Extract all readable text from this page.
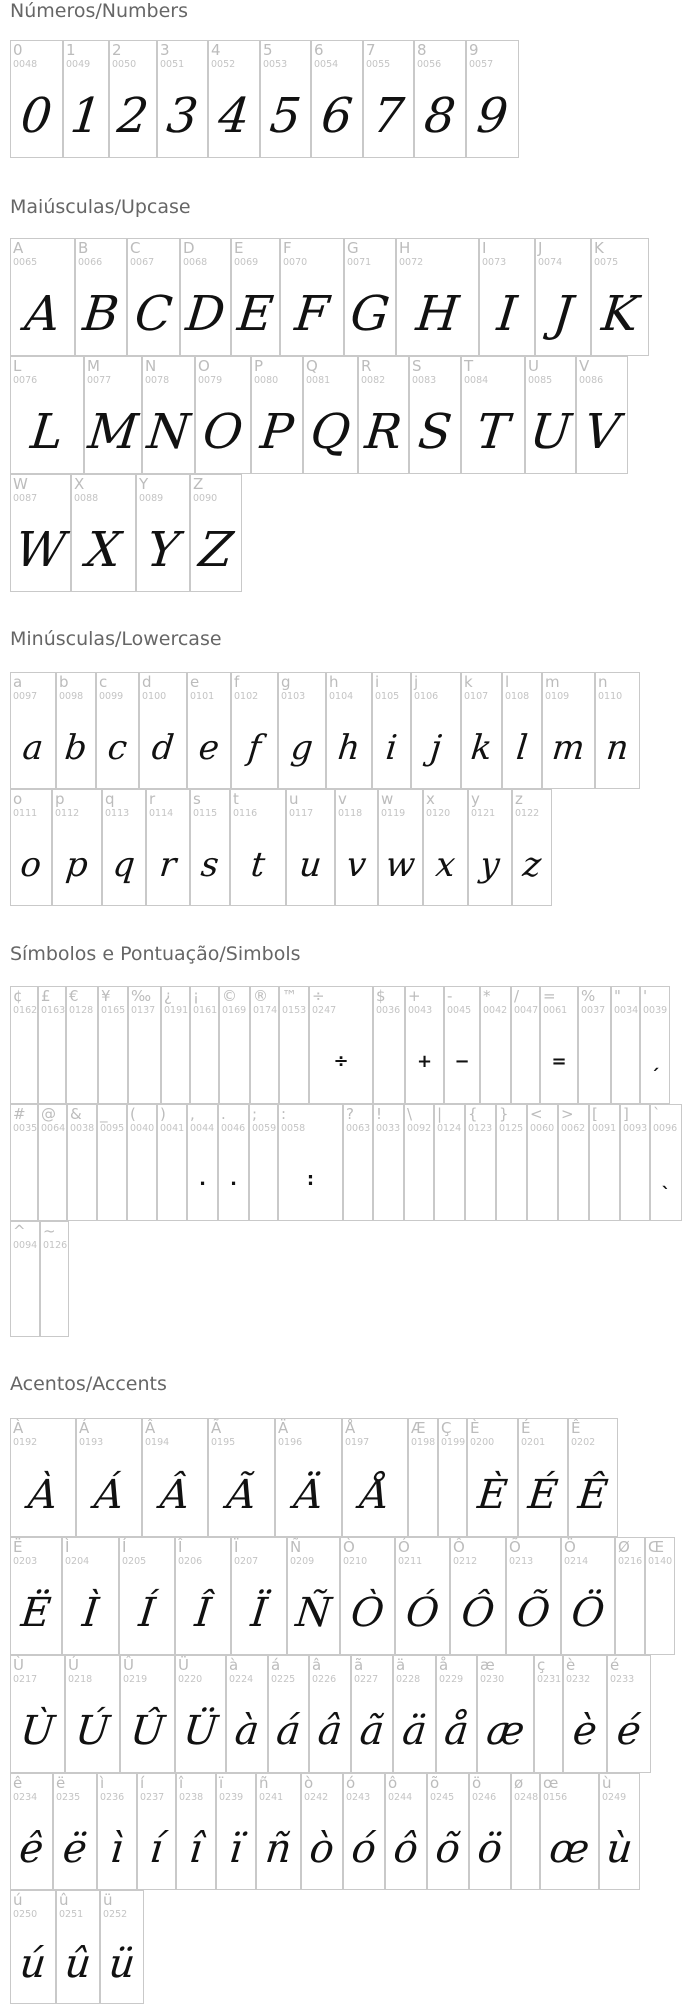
Números/Numbers
0
0048
0
1
0049
1
2
0050
2
3
0051
3
4
0052
4
5
0053
5
6
0054
6
7
0055
7
8
0056
8
9
0057
9
Maiúsculas/Upcase
A
0065
A
B
0066
B
C
0067
C
D
0068
D
E
0069
E
F
0070
F
G
0071
G
H
0072
H
I
0073
I
J
0074
J
K
0075
K
L
0076
L
M
0077
M
N
0078
N
O
0079
O
P
0080
P
Q
0081
Q
R
0082
R
S
0083
S
T
0084
T
U
0085
U
V
0086
V
W
0087
W
X
0088
X
Y
0089
Y
Z
0090
Z
Minúsculas/Lowercase
a
0097
a
b
0098
b
c
0099
c
d
0100
d
e
0101
e
f
0102
f
g
0103
g
h
0104
h
i
0105
i
j
0106
j
k
0107
k
l
0108
l
m
0109
m
n
0110
n
o
0111
o
p
0112
p
q
0113
q
r
0114
r
s
0115
s
t
0116
t
u
0117
u
v
0118
v
w
0119
w
x
0120
x
y
0121
y
z
0122
z
Símbolos e Pontuação/Simbols
¢
0162
£
0163
€
0128
¥
0165
‰
0137
¿
0191
¡
0161
©
0169
®
0174
™
0153
÷
0247
÷
$
0036
+
0043
+
-
0045
−
*
0042
/
0047
=
0061
=
%
0037
"
0034
'
0039
ˏ
#
0035
@
0064
&
0038
_
0095
(
0040
)
0041
,
0044
.
.
0046
.
;
0059
:
0058
:
?
0063
!
0033
\
0092
|
0124
{
0123
}
0125
<
0060
>
0062
[
0091
]
0093
`
0096
ˎ
^
0094
~
0126
Acentos/Accents
À
0192
À
Á
0193
Á
Â
0194
Â
Ã
0195
Ã
Ä
0196
Ä
Å
0197
Å
Æ
0198
Ç
0199
È
0200
È
É
0201
É
Ê
0202
Ê
Ë
0203
Ë
Ì
0204
Ì
Í
0205
Í
Î
0206
Î
Ï
0207
Ï
Ñ
0209
Ñ
Ò
0210
Ò
Ó
0211
Ó
Ô
0212
Ô
Õ
0213
Õ
Ö
0214
Ö
Ø
0216
Œ
0140
Ù
0217
Ù
Ú
0218
Ú
Û
0219
Û
Ü
0220
Ü
à
0224
à
á
0225
á
â
0226
â
ã
0227
ã
ä
0228
ä
å
0229
å
æ
0230
æ
ç
0231
è
0232
è
é
0233
é
ê
0234
ê
ë
0235
ë
ì
0236
ì
í
0237
í
î
0238
î
ï
0239
ï
ñ
0241
ñ
ò
0242
ò
ó
0243
ó
ô
0244
ô
õ
0245
õ
ö
0246
ö
ø
0248
œ
0156
œ
ù
0249
ù
ú
0250
ú
û
0251
û
ü
0252
ü
